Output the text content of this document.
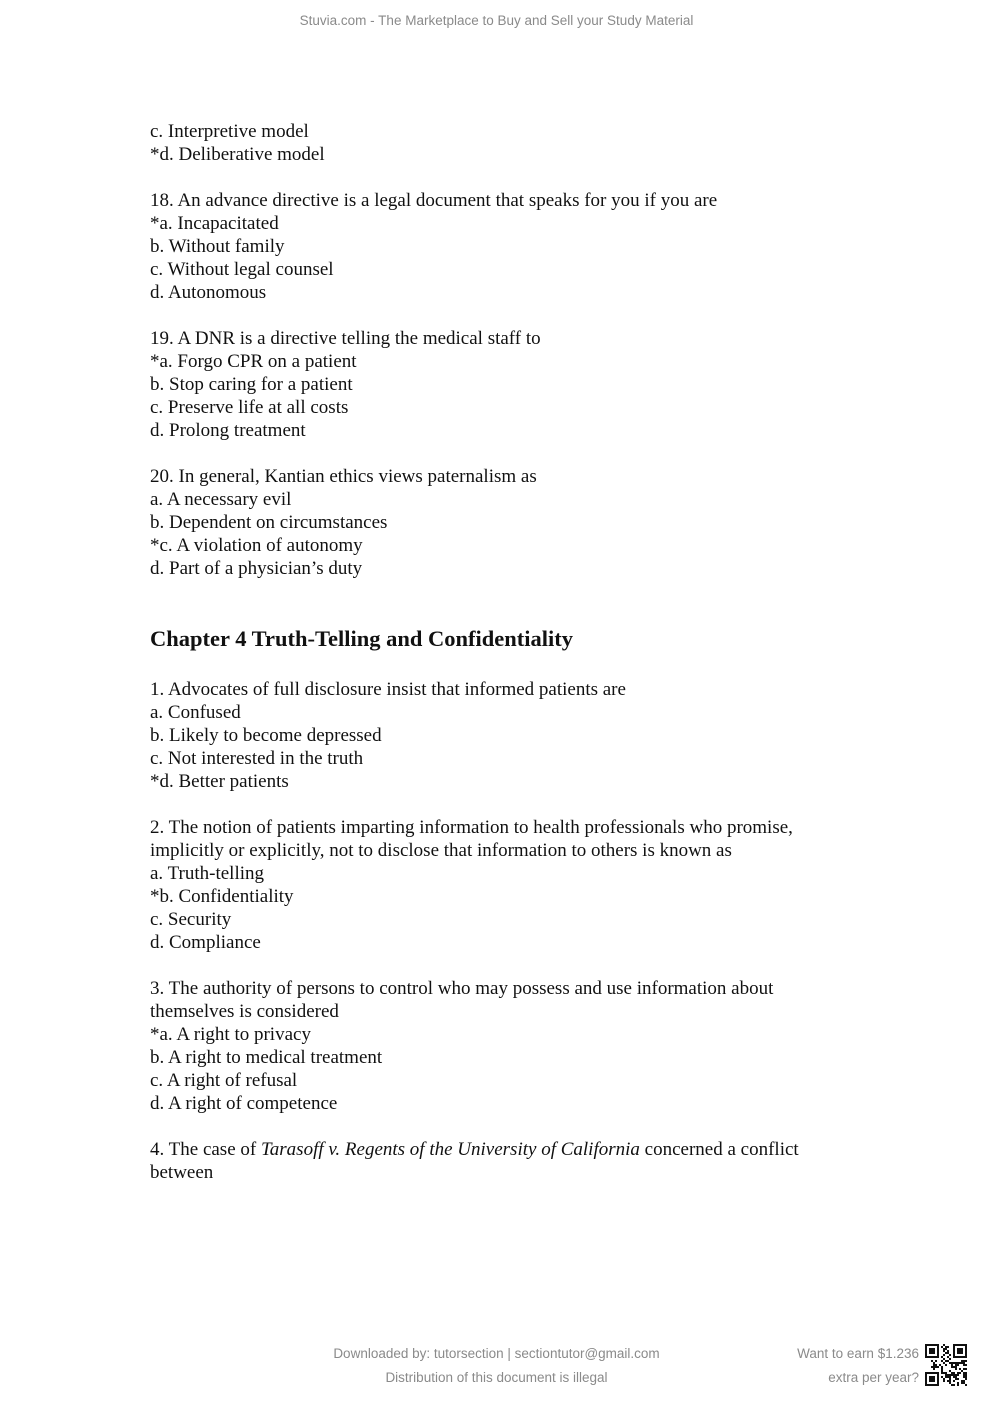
Stuvia.com - The Marketplace to Buy and Sell your Study Material
c. Interpretive model
*d. Deliberative model
18. An advance directive is a legal document that speaks for you if you are
*a. Incapacitated
b. Without family
c. Without legal counsel
d. Autonomous
19. A DNR is a directive telling the medical staff to
*a. Forgo CPR on a patient
b. Stop caring for a patient
c. Preserve life at all costs
d. Prolong treatment
20. In general, Kantian ethics views paternalism as
a. A necessary evil
b. Dependent on circumstances
*c. A violation of autonomy
d. Part of a physician’s duty
Chapter 4 Truth-Telling and Confidentiality
1. Advocates of full disclosure insist that informed patients are
a. Confused
b. Likely to become depressed
c. Not interested in the truth
*d. Better patients
2. The notion of patients imparting information to health professionals who promise,
implicitly or explicitly, not to disclose that information to others is known as
a. Truth-telling
*b. Confidentiality
c. Security
d. Compliance
3. The authority of persons to control who may possess and use information about
themselves is considered
*a. A right to privacy
b. A right to medical treatment
c. A right of refusal
d. A right of competence
4. The case of Tarasoff v. Regents of the University of California concerned a conflict
between
Downloaded by: tutorsection | sectiontutor@gmail.com
Distribution of this document is illegal
Want to earn $1.236
extra per year?
